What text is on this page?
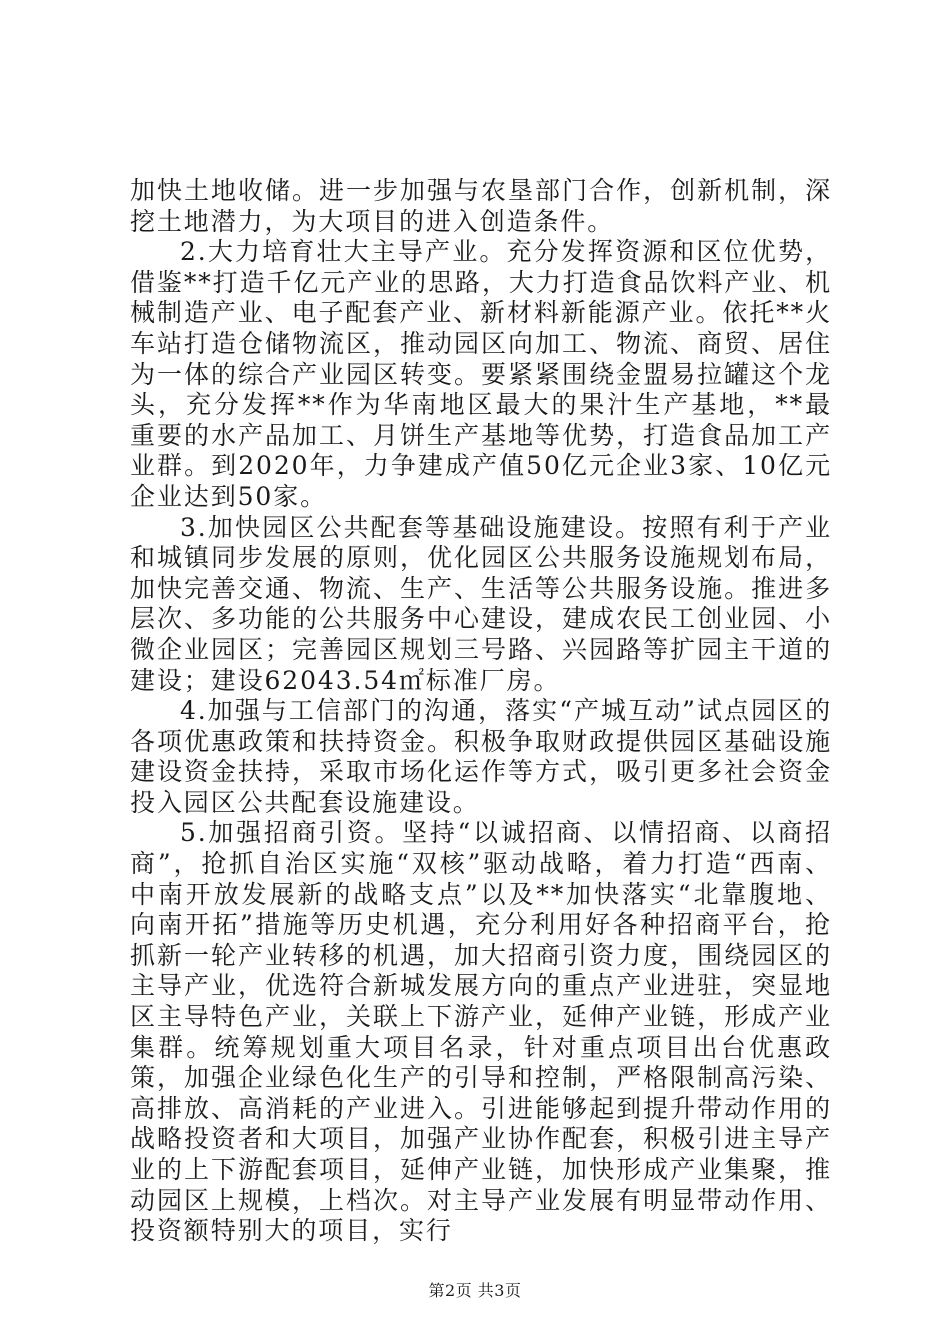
加快土地收储。进一步加强与农垦部门合作，创新机制，深挖土地潜力，为大项目的进入创造条件。

2.大力培育壮大主导产业。充分发挥资源和区位优势，借鉴**打造千亿元产业的思路，大力打造食品饮料产业、机械制造产业、电子配套产业、新材料新能源产业。依托**火车站打造仓储物流区，推动园区向加工、物流、商贸、居住为一体的综合产业园区转变。要紧紧围绕金盟易拉罐这个龙头，充分发挥**作为华南地区最大的果汁生产基地，**最重要的水产品加工、月饼生产基地等优势，打造食品加工产业群。到2020年，力争建成产值50亿元企业3家、10亿元企业达到50家。

3.加快园区公共配套等基础设施建设。按照有利于产业和城镇同步发展的原则，优化园区公共服务设施规划布局，加快完善交通、物流、生产、生活等公共服务设施。推进多层次、多功能的公共服务中心建设，建成农民工创业园、小微企业园区；完善园区规划三号路、兴园路等扩园主干道的建设；建设62043.54㎡标准厂房。

4.加强与工信部门的沟通，落实“产城互动”试点园区的各项优惠政策和扶持资金。积极争取财政提供园区基础设施建设资金扶持，采取市场化运作等方式，吸引更多社会资金投入园区公共配套设施建设。

5.加强招商引资。坚持“以诚招商、以情招商、以商招商”，抢抓自治区实施“双核”驱动战略，着力打造“西南、中南开放发展新的战略支点”以及**加快落实“北靠腹地、向南开拓”措施等历史机遇，充分利用好各种招商平台，抢抓新一轮产业转移的机遇，加大招商引资力度，围绕园区的主导产业，优选符合新城发展方向的重点产业进驻，突显地区主导特色产业，关联上下游产业，延伸产业链，形成产业集群。统筹规划重大项目名录，针对重点项目出台优惠政策，加强企业绿色化生产的引导和控制，严格限制高污染、高排放、高消耗的产业进入。引进能够起到提升带动作用的战略投资者和大项目，加强产业协作配套，积极引进主导产业的上下游配套项目，延伸产业链，加快形成产业集聚，推动园区上规模，上档次。对主导产业发展有明显带动作用、投资额特别大的项目，实行

第2页 共3页
